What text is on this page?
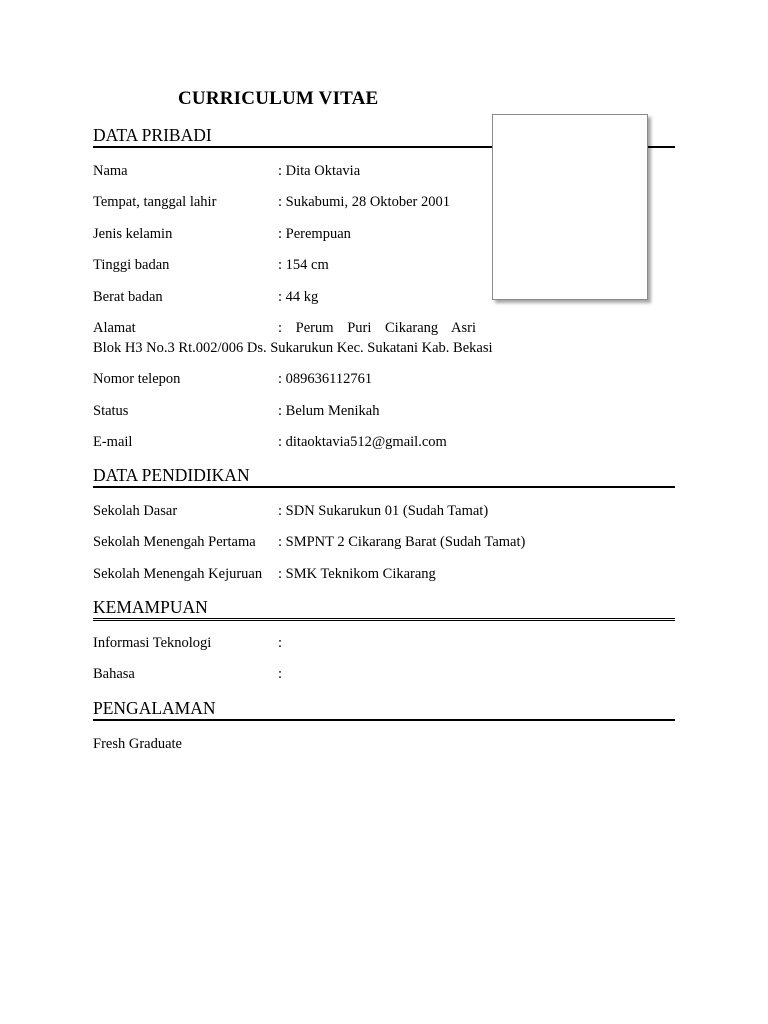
CURRICULUM VITAE
DATA PRIBADI
Nama	: Dita Oktavia
Tempat, tanggal lahir	: Sukabumi, 28 Oktober 2001
Jenis kelamin	: Perempuan
Tinggi badan	: 154 cm
Berat badan	: 44 kg
Alamat	: Perum Puri Cikarang Asri
Blok H3 No.3 Rt.002/006 Ds. Sukarukun Kec. Sukatani Kab. Bekasi
Nomor telepon	: 089636112761
Status	: Belum Menikah
E-mail	: ditaoktavia512@gmail.com
DATA PENDIDIKAN
Sekolah Dasar	: SDN Sukarukun 01 (Sudah Tamat)
Sekolah Menengah Pertama : SMPNT 2 Cikarang Barat (Sudah Tamat)
Sekolah Menengah Kejuruan : SMK Teknikom Cikarang
KEMAMPUAN
Informasi Teknologi	:
Bahasa	:
PENGALAMAN
Fresh Graduate
